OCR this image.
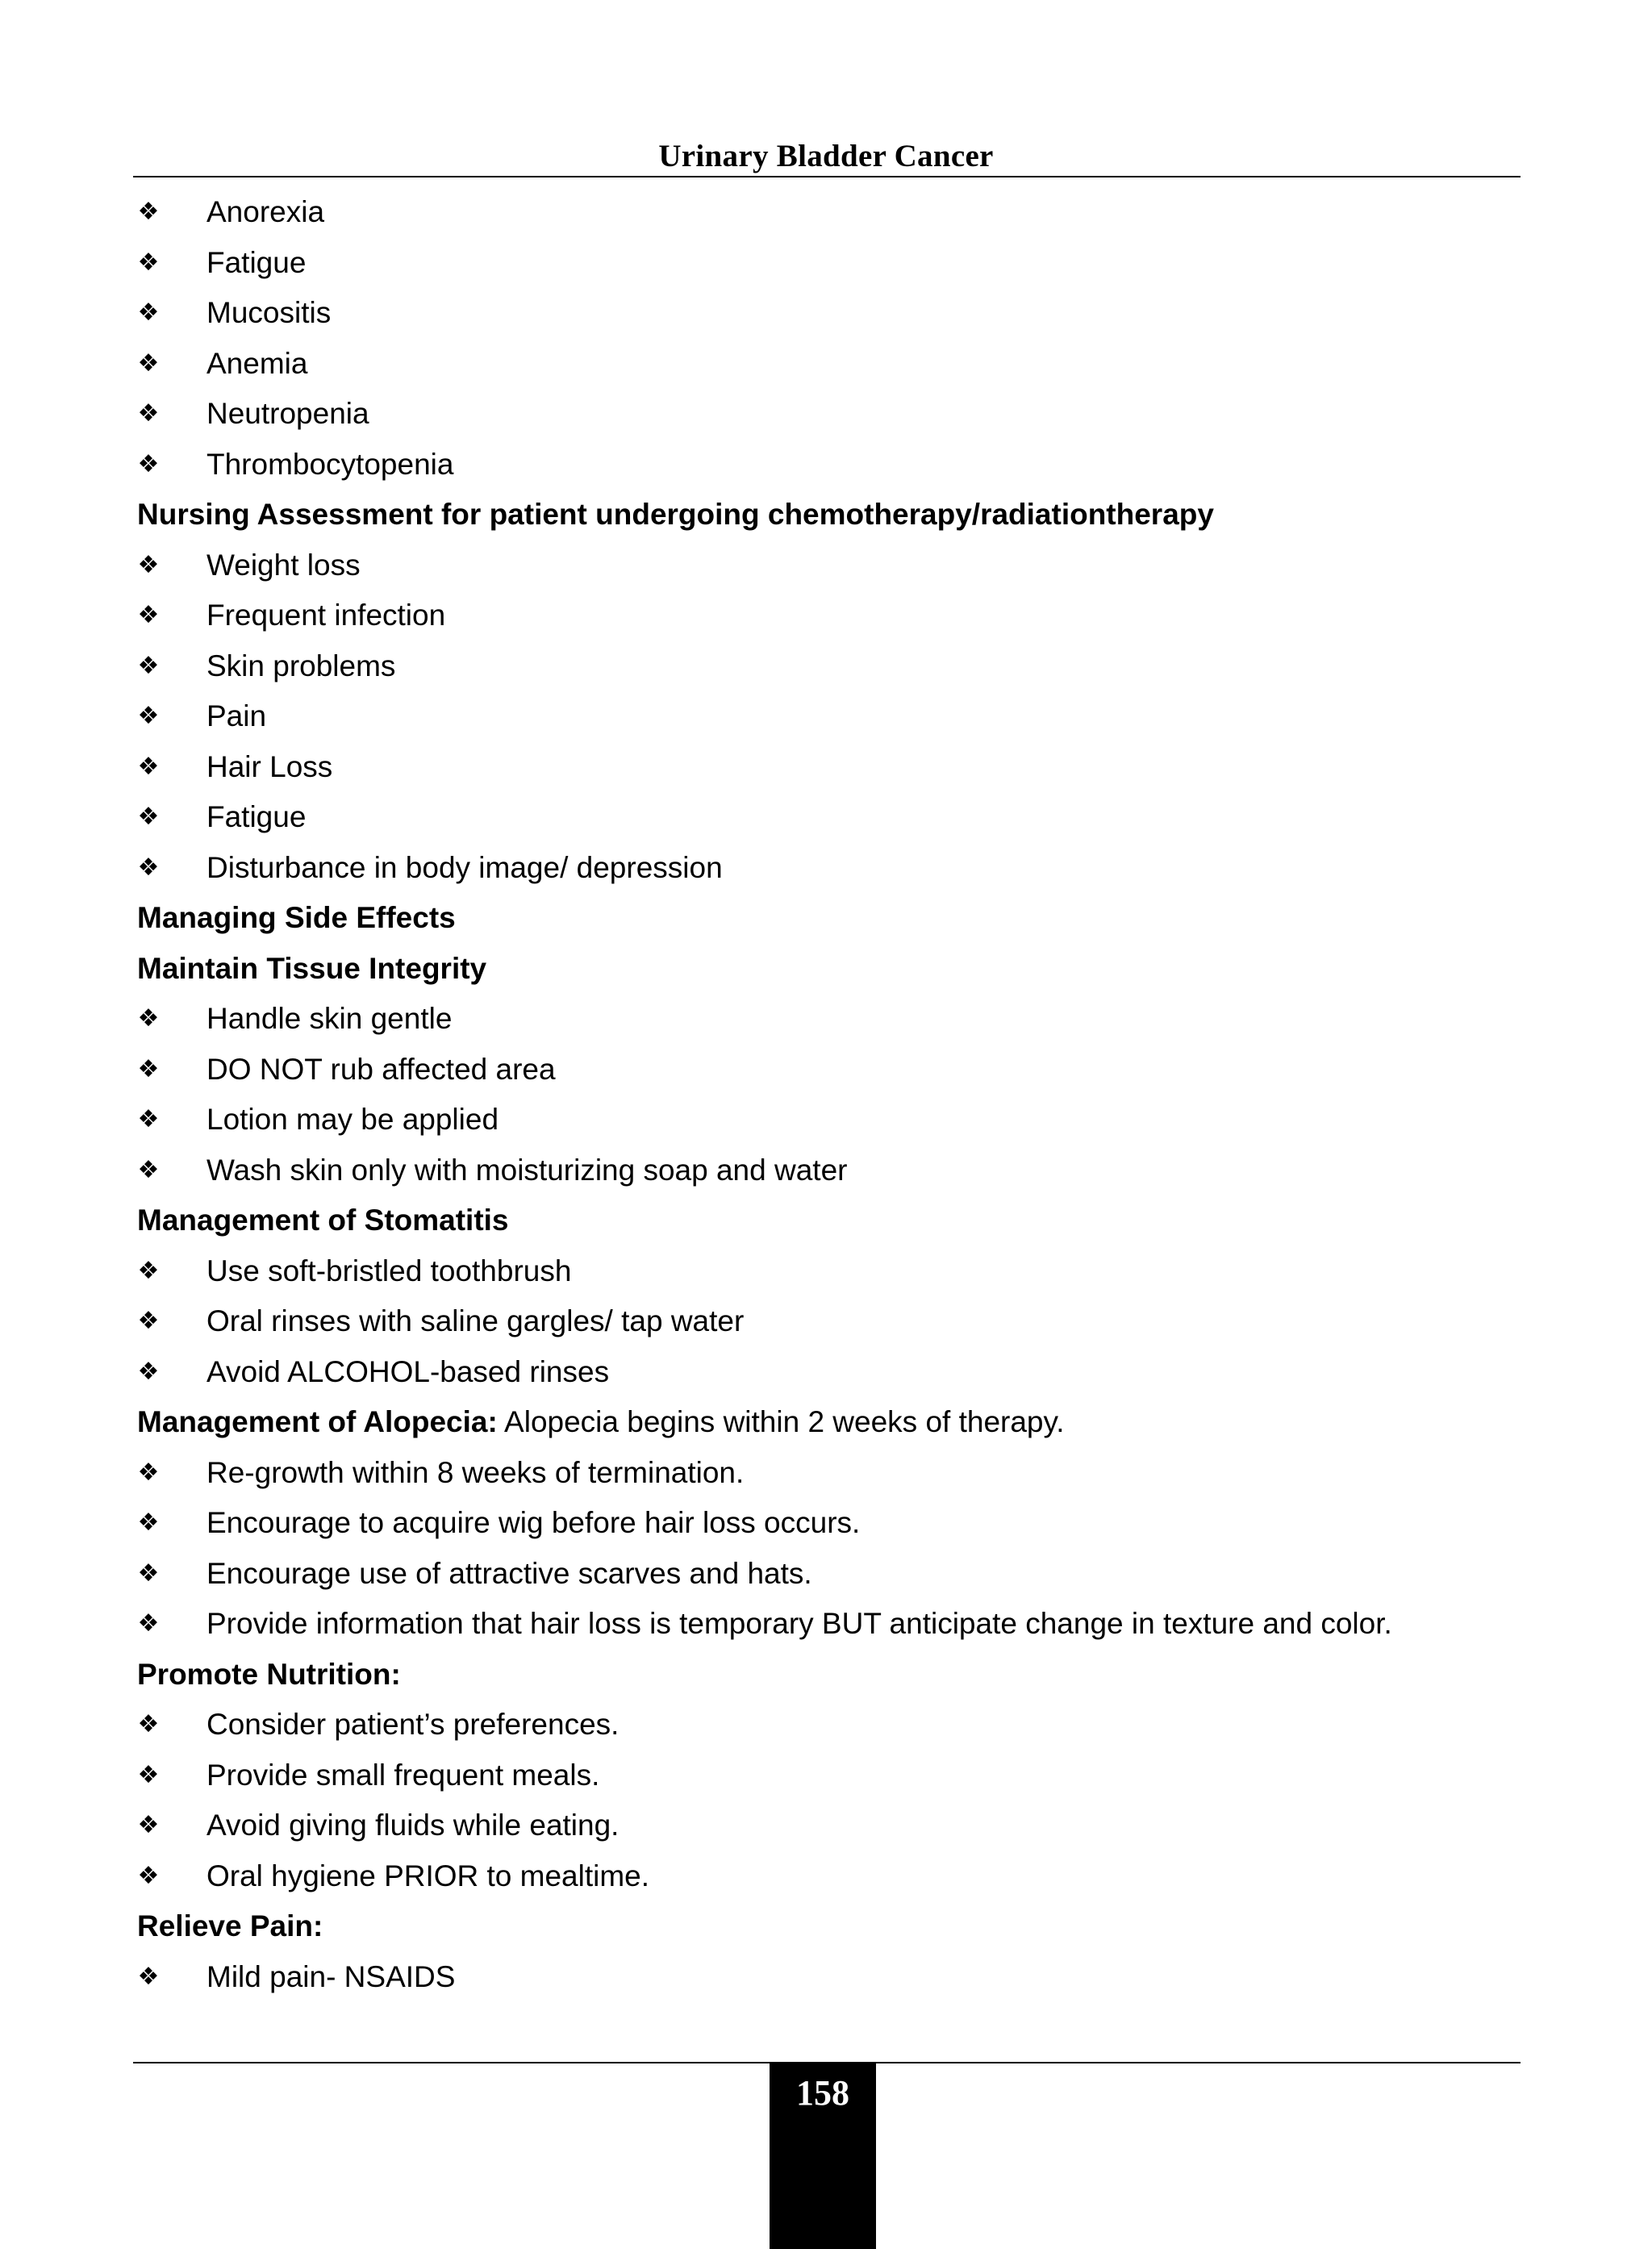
Urinary Bladder Cancer
❖ Anorexia
❖ Fatigue
❖ Mucositis
❖ Anemia
❖ Neutropenia
❖ Thrombocytopenia
Nursing Assessment for patient undergoing chemotherapy/radiationtherapy
❖ Weight loss
❖ Frequent infection
❖ Skin problems
❖ Pain
❖ Hair Loss
❖ Fatigue
❖ Disturbance in body image/ depression
Managing Side Effects
Maintain Tissue Integrity
❖ Handle skin gentle
❖ DO NOT rub affected area
❖ Lotion may be applied
❖ Wash skin only with moisturizing soap and water
Management of Stomatitis
❖ Use soft-bristled toothbrush
❖ Oral rinses with saline gargles/ tap water
❖ Avoid ALCOHOL-based rinses
Management of Alopecia: Alopecia begins within 2 weeks of therapy.
❖ Re-growth within 8 weeks of termination.
❖ Encourage to acquire wig before hair loss occurs.
❖ Encourage use of attractive scarves and hats.
❖ Provide information that hair loss is temporary BUT anticipate change in texture and color.
Promote Nutrition:
❖ Consider patient’s preferences.
❖ Provide small frequent meals.
❖ Avoid giving fluids while eating.
❖ Oral hygiene PRIOR to mealtime.
Relieve Pain:
❖ Mild pain- NSAIDS
158
